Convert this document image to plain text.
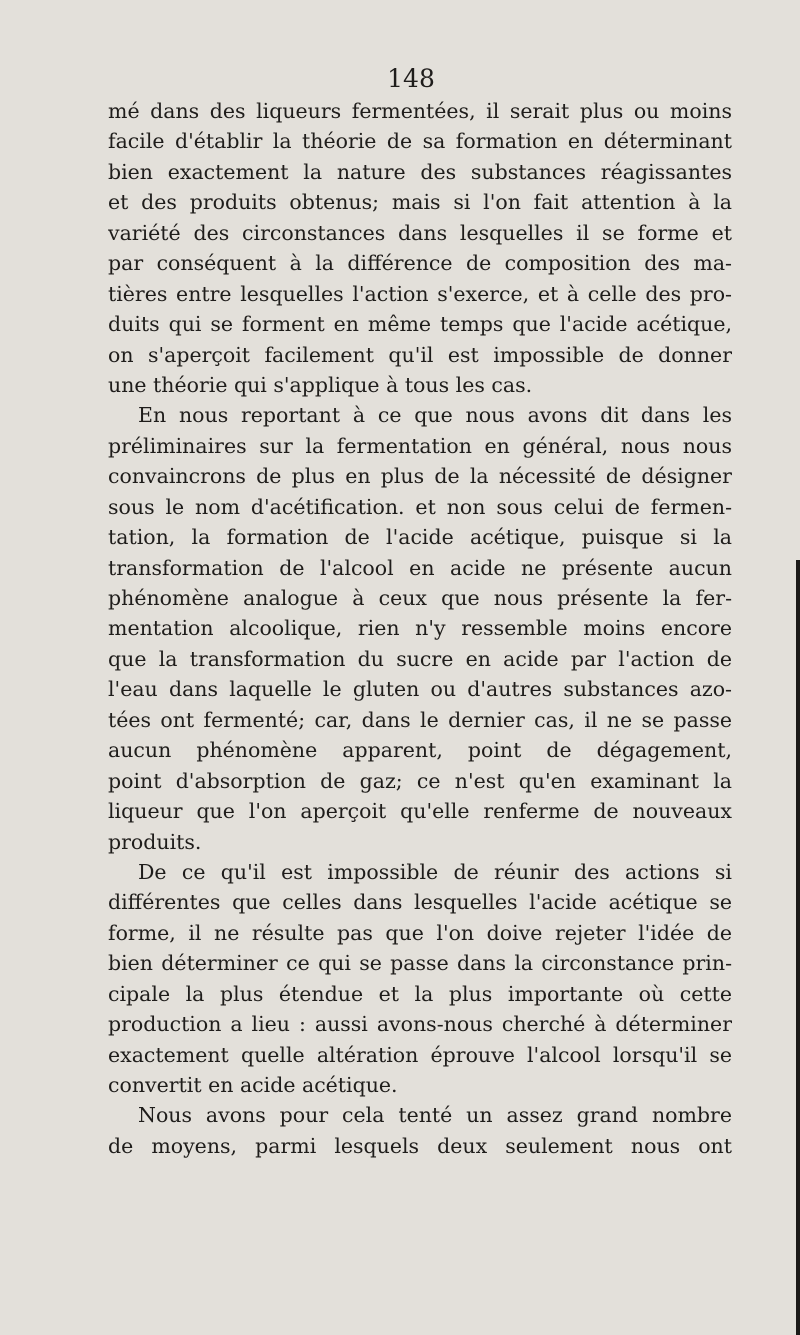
148
mé dans des liqueurs fermentées, il serait plus ou moins
facile d'établir la théorie de sa formation en déterminant
bien exactement la nature des substances réagissantes
et des produits obtenus; mais si l'on fait attention à la
variété des circonstances dans lesquelles il se forme et
par conséquent à la différence de composition des ma-
tières entre lesquelles l'action s'exerce, et à celle des pro-
duits qui se forment en même temps que l'acide acétique,
on s'aperçoit facilement qu'il est impossible de donner
une théorie qui s'applique à tous les cas.
En nous reportant à ce que nous avons dit dans les
préliminaires sur la fermentation en général, nous nous
convaincrons de plus en plus de la nécessité de désigner
sous le nom d'acétification. et non sous celui de fermen-
tation, la formation de l'acide acétique, puisque si la
transformation de l'alcool en acide ne présente aucun
phénomène analogue à ceux que nous présente la fer-
mentation alcoolique, rien n'y ressemble moins encore
que la transformation du sucre en acide par l'action de
l'eau dans laquelle le gluten ou d'autres substances azo-
tées ont fermenté; car, dans le dernier cas, il ne se passe
aucun phénomène apparent, point de dégagement,
point d'absorption de gaz; ce n'est qu'en examinant la
liqueur que l'on aperçoit qu'elle renferme de nouveaux
produits.
De ce qu'il est impossible de réunir des actions si
différentes que celles dans lesquelles l'acide acétique se
forme, il ne résulte pas que l'on doive rejeter l'idée de
bien déterminer ce qui se passe dans la circonstance prin-
cipale la plus étendue et la plus importante où cette
production a lieu : aussi avons-nous cherché à déterminer
exactement quelle altération éprouve l'alcool lorsqu'il se
convertit en acide acétique.
Nous avons pour cela tenté un assez grand nombre
de moyens, parmi lesquels deux seulement nous ont
